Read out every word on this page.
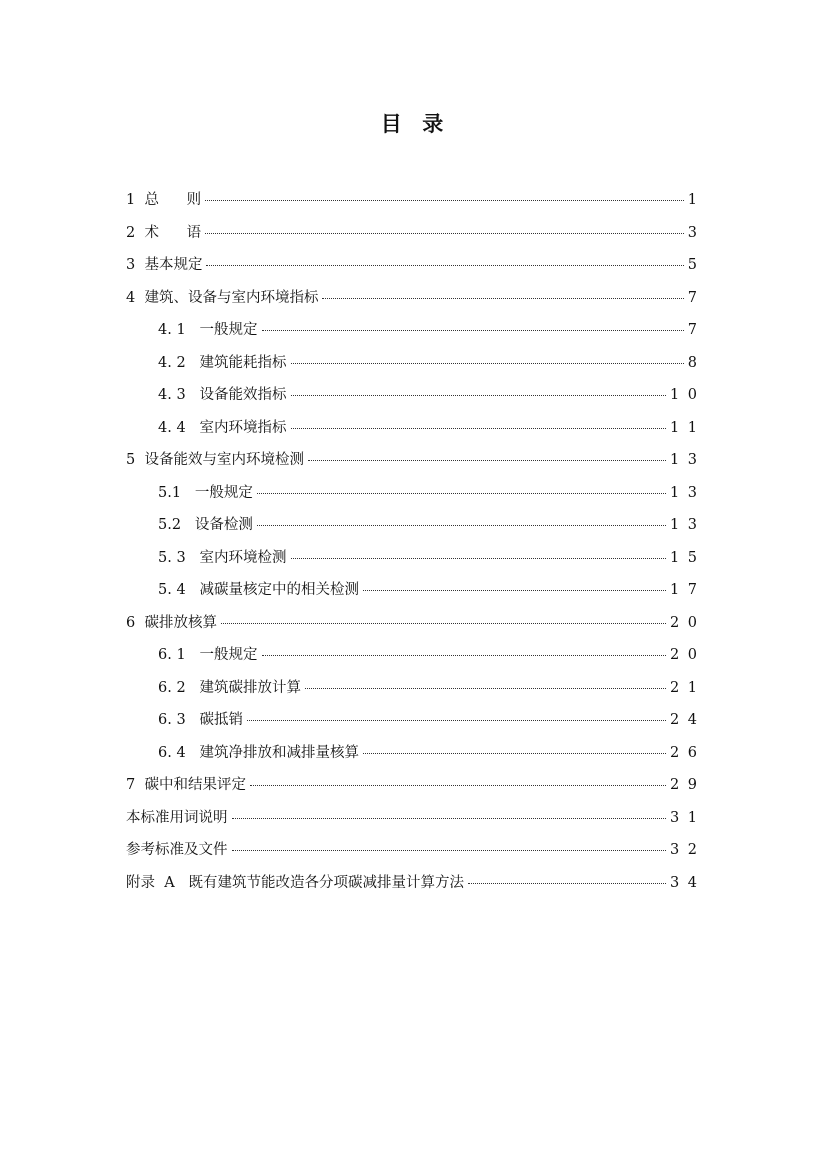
目  录
1 总      则	1
2 术      语	3
3 基本规定	5
4 建筑、设备与室内环境指标	7
4. 1 一般规定	7
4. 2 建筑能耗指标	8
4. 3 设备能效指标	1 0
4. 4 室内环境指标	1 1
5 设备能效与室内环境检测	1 3
5.1 一般规定	1 3
5.2 设备检测	1 3
5. 3 室内环境检测	1 5
5. 4 减碳量核定中的相关检测	1 7
6 碳排放核算	2 0
6. 1 一般规定	2 0
6. 2 建筑碳排放计算	2 1
6. 3 碳抵销	2 4
6. 4 建筑净排放和减排量核算	2 6
7 碳中和结果评定	2 9
本标准用词说明	3 1
参考标准及文件	3 2
附录  A   既有建筑节能改造各分项碳减排量计算方法	3 4
